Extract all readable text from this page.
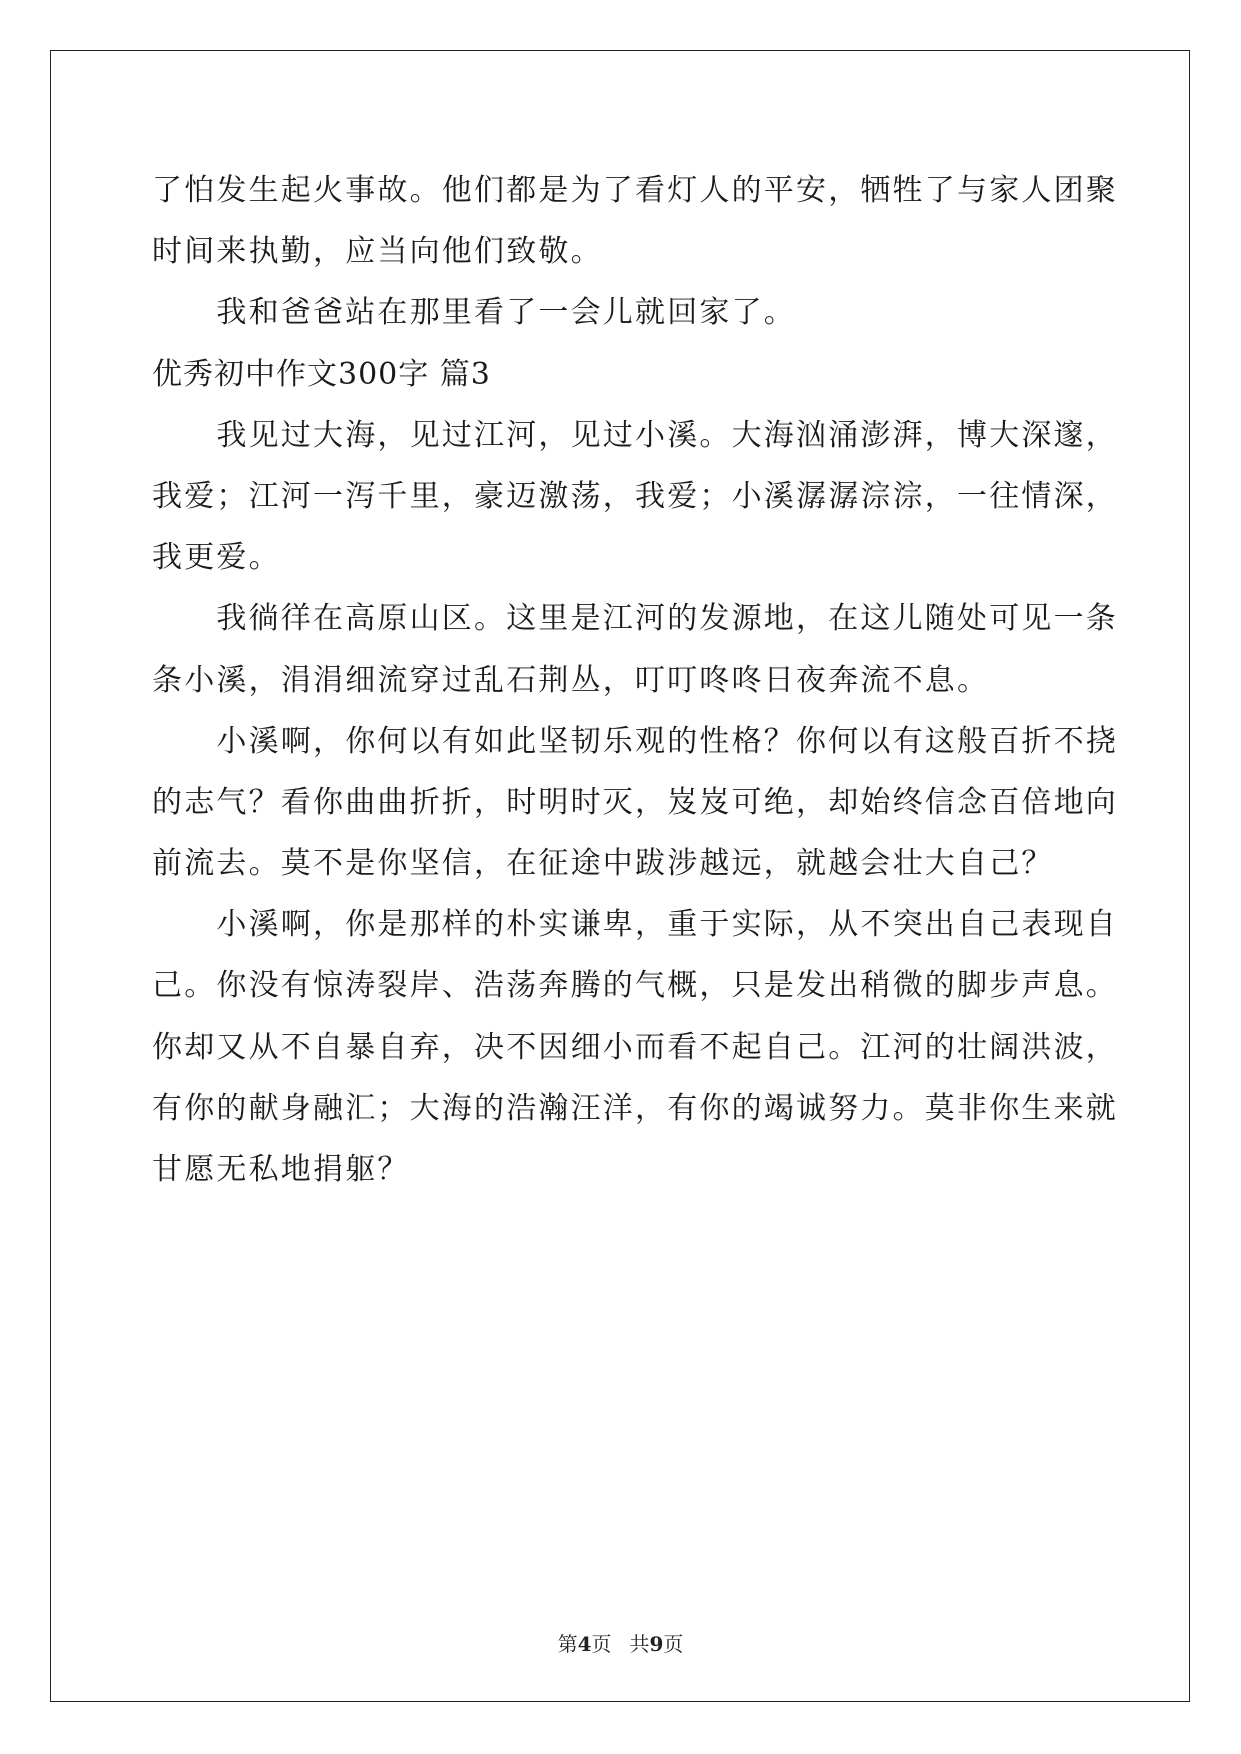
了怕发生起火事故。他们都是为了看灯人的平安，牺牲了与家人团聚
时间来执勤，应当向他们致敬。
　　我和爸爸站在那里看了一会儿就回家了。
优秀初中作文300字 篇3
　　我见过大海，见过江河，见过小溪。大海汹涌澎湃，博大深邃，
我爱；江河一泻千里，豪迈激荡，我爱；小溪潺潺淙淙，一往情深，
我更爱。
　　我徜徉在高原山区。这里是江河的发源地，在这儿随处可见一条
条小溪，涓涓细流穿过乱石荆丛，叮叮咚咚日夜奔流不息。
　　小溪啊，你何以有如此坚韧乐观的性格？你何以有这般百折不挠
的志气？看你曲曲折折，时明时灭，岌岌可绝，却始终信念百倍地向
前流去。莫不是你坚信，在征途中跋涉越远，就越会壮大自己？
　　小溪啊，你是那样的朴实谦卑，重于实际，从不突出自己表现自
己。你没有惊涛裂岸、浩荡奔腾的气概，只是发出稍微的脚步声息。
你却又从不自暴自弃，决不因细小而看不起自己。江河的壮阔洪波，
有你的献身融汇；大海的浩瀚汪洋，有你的竭诚努力。莫非你生来就
甘愿无私地捐躯？
第4页 共9页
